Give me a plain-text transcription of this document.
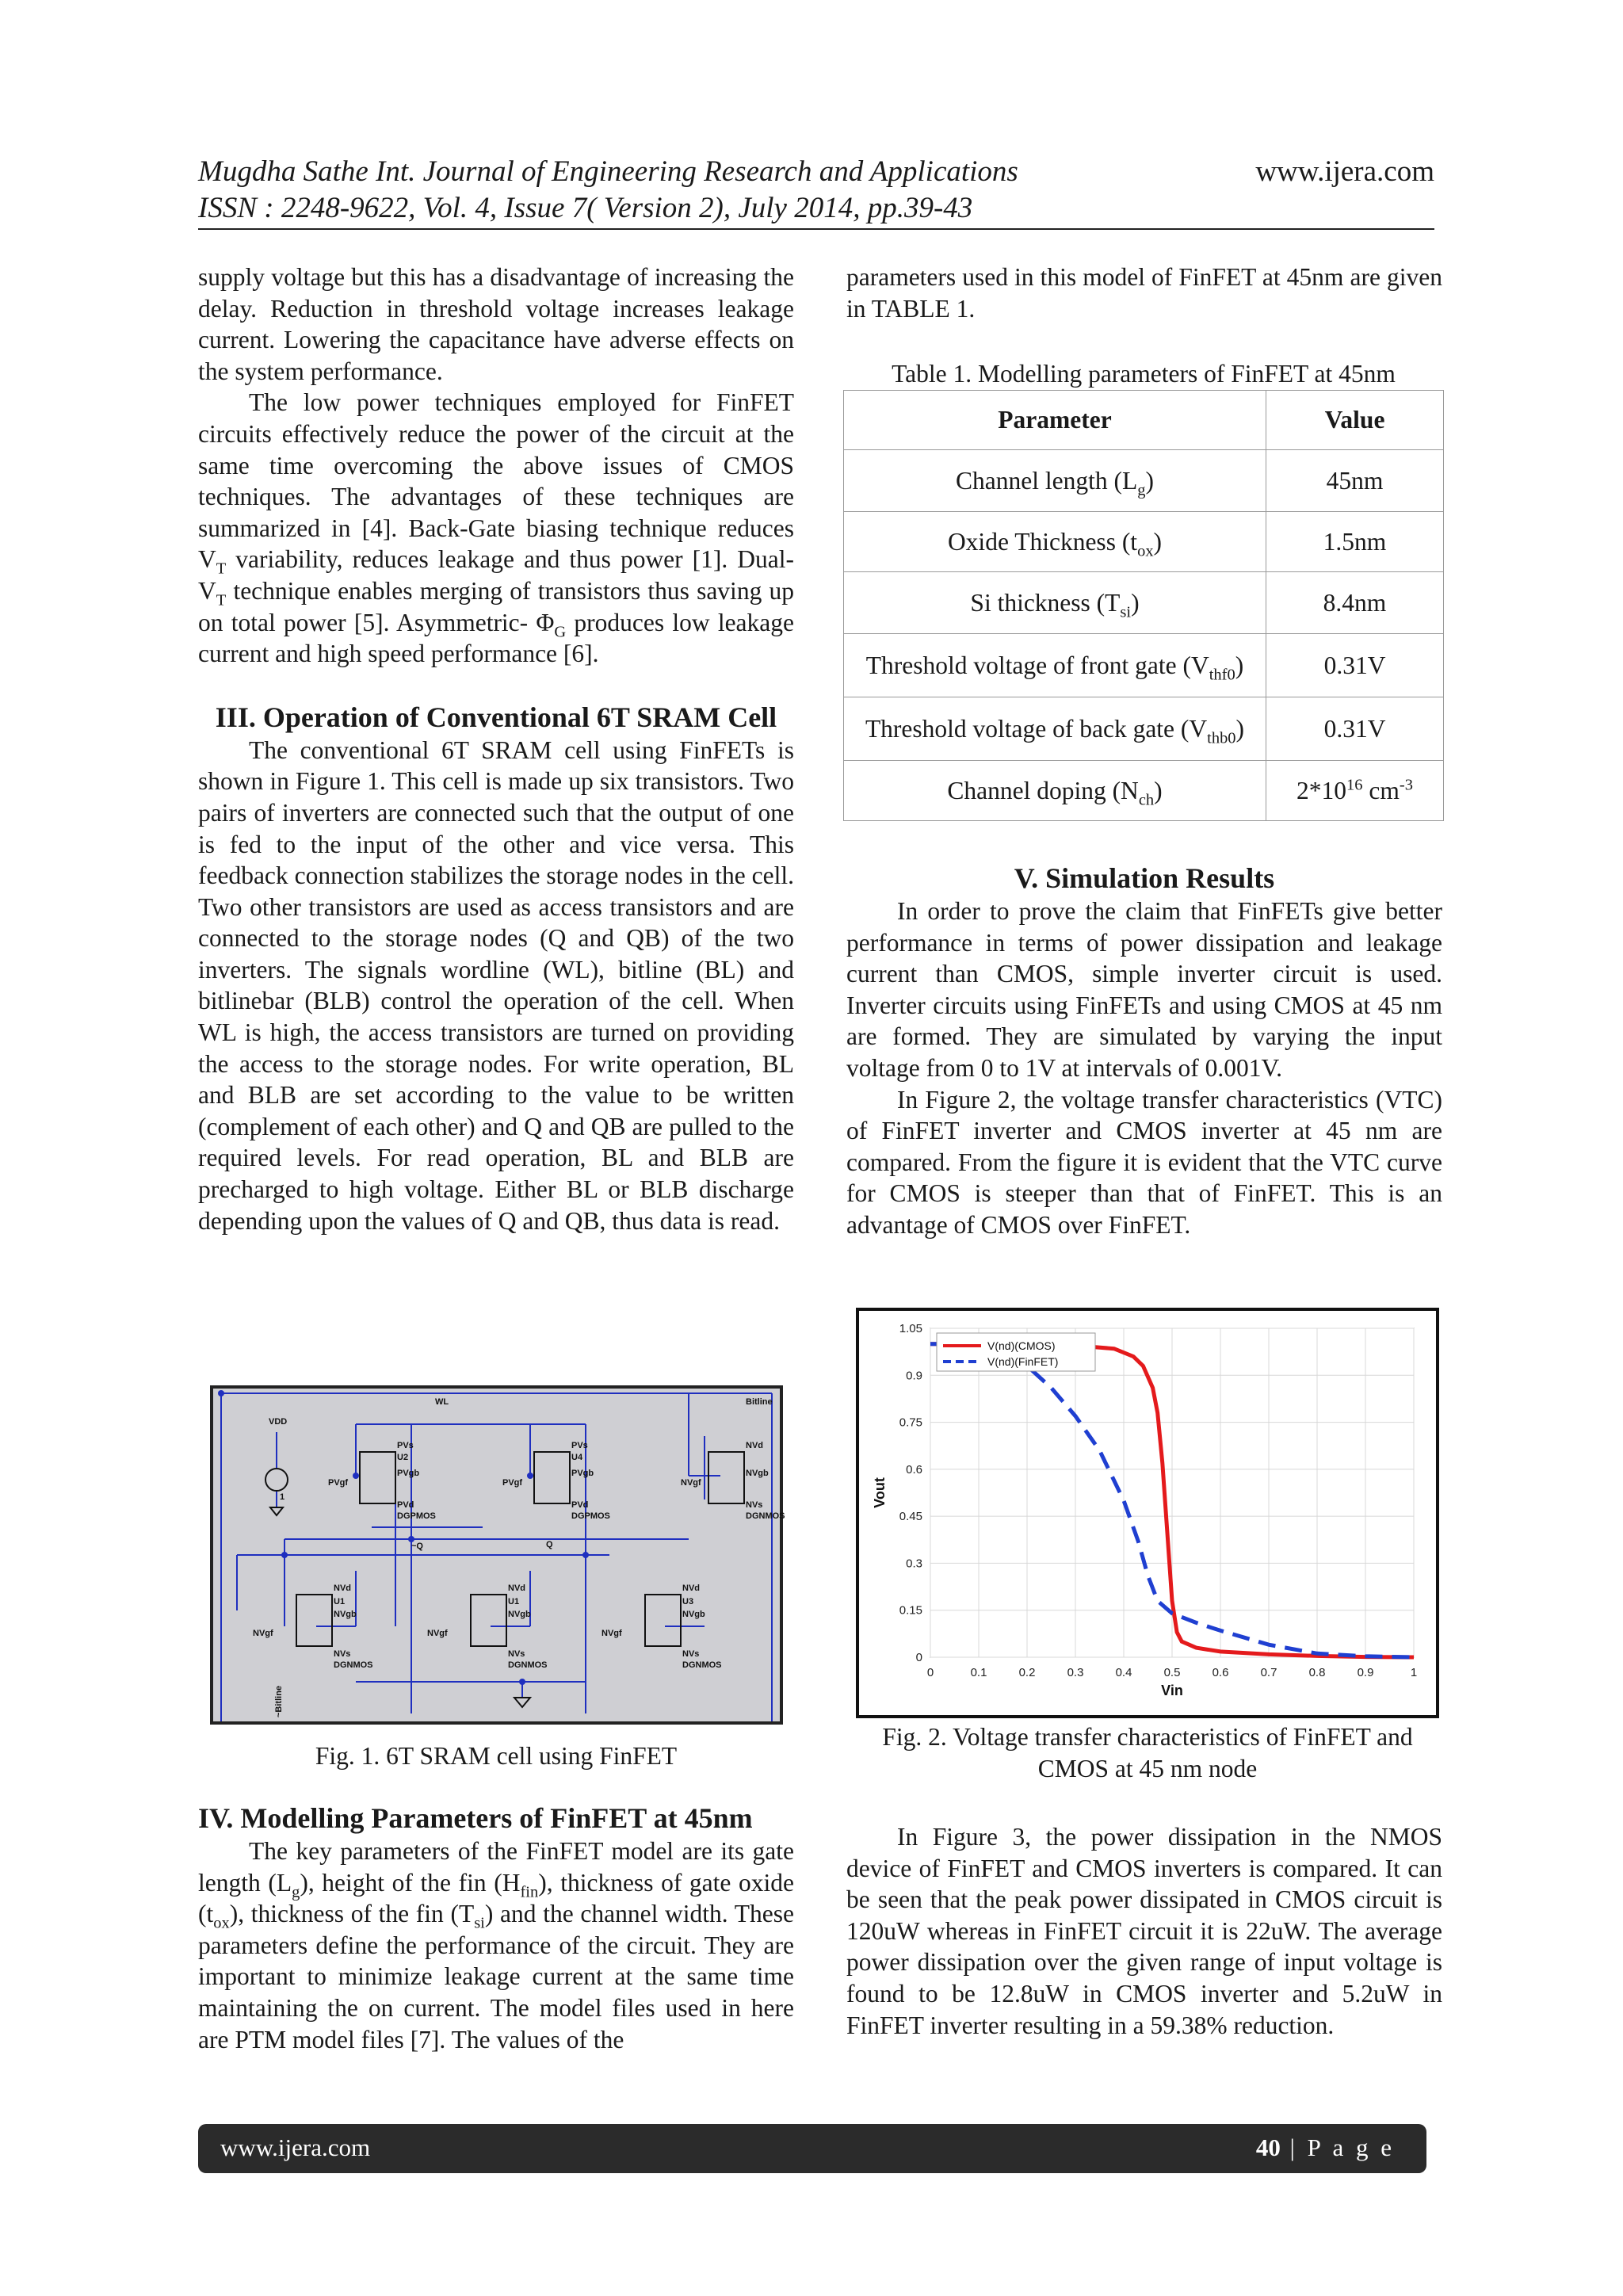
Mugdha Sathe Int. Journal of Engineering Research and Applications
ISSN : 2248-9622, Vol. 4, Issue 7( Version 2), July 2014, pp.39-43
www.ijera.com

supply voltage but this has a disadvantage of increasing the delay. Reduction in threshold voltage increases leakage current. Lowering the capacitance have adverse effects on the system performance.

The low power techniques employed for FinFET circuits effectively reduce the power of the circuit at the same time overcoming the above issues of CMOS techniques. The advantages of these techniques are summarized in [4]. Back-Gate biasing technique reduces $V_T$ variability, reduces leakage and thus power [1]. Dual-$V_T$ technique enables merging of transistors thus saving up on total power [5]. Asymmetric- $\Phi_G$ produces low leakage current and high speed performance [6].

III. Operation of Conventional 6T SRAM Cell

The conventional 6T SRAM cell using FinFETs is shown in Figure 1. This cell is made up six transistors. Two pairs of inverters are connected such that the output of one is fed to the input of the other and vice versa. This feedback connection stabilizes the storage nodes in the cell. Two other transistors are used as access transistors and are connected to the storage nodes (Q and QB) of the two inverters. The signals wordline (WL), bitline (BL) and bitlinebar (BLB) control the operation of the cell. When WL is high, the access transistors are turned on providing the access to the storage nodes. For write operation, BL and BLB are set according to the value to be written (complement of each other) and Q and QB are pulled to the required levels. For read operation, BL and BLB are precharged to high voltage. Either BL or BLB discharge depending upon the values of Q and QB, thus data is read.

WL	Bitline
VDD
1
Q
~Q
PVs	PVs
U2	U4
PVgb	PVgb
PVgf	PVgf
PVd	PVd
DGPMOS	DGPMOS
NVd
NVgb
NVgf
NVs
DGNMOS
NVd	NVd	NVd
U1	U1	U3
NVgb	NVgb	NVgb
NVgf	NVgf	NVgf
NVs	NVs	NVs
DGNMOS	DGNMOS	DGNMOS
~Bitline
Fig. 1. 6T SRAM cell using FinFET
IV. Modelling Parameters of FinFET at 45nm

The key parameters of the FinFET model are its gate length $(L_g)$, height of the fin $(H_{fin})$, thickness of gate oxide $(t_{ox})$, thickness of the fin $(T_{si})$ and the channel width. These parameters define the performance of the circuit. They are important to minimize leakage current at the same time maintaining the on current. The model files used in here are PTM model files [7]. The values of the

parameters used in this model of FinFET at 45nm are given in TABLE 1.

Table 1. Modelling parameters of FinFET at 45nm
Parameter	Value
Channel length $(L_g)$	45nm
Oxide Thickness $(t_{ox})$	1.5nm
Si thickness $(T_{si})$	8.4nm
Threshold voltage of front gate $(V_{thf0})$	0.31V
Threshold voltage of back gate $(V_{thb0})$	0.31V
Channel doping $(N_{ch})$	$2*10^{16}$ $cm^{-3}$
V. Simulation Results

In order to prove the claim that FinFETs give better performance in terms of power dissipation and leakage current than CMOS, simple inverter circuit is used. Inverter circuits using FinFETs and using CMOS at 45 nm are formed. They are simulated by varying the input voltage from 0 to 1V at intervals of 0.001V.

In Figure 2, the voltage transfer characteristics (VTC) of FinFET inverter and CMOS inverter at 45 nm are compared. From the figure it is evident that the VTC curve for CMOS is steeper than that of FinFET. This is an advantage of CMOS over FinFET.

0	0.1	0.2	0.3	0.4	0.5	0.6	0.7	0.8	0.9	1
0
0.15
0.3
0.45
0.6
0.75
0.9
1.05
Vin
Vout
V(nd)(CMOS)
V(nd)(FinFET)
Fig. 2. Voltage transfer characteristics of FinFET and CMOS at 45 nm node

In Figure 3, the power dissipation in the NMOS device of FinFET and CMOS inverters is compared. It can be seen that the peak power dissipated in CMOS circuit is 120uW whereas in FinFET circuit it is 22uW. The average power dissipation over the given range of input voltage is found to be 12.8uW in CMOS inverter and 5.2uW in FinFET inverter resulting in a 59.38% reduction.

www.ijera.com	40 | P a g e
